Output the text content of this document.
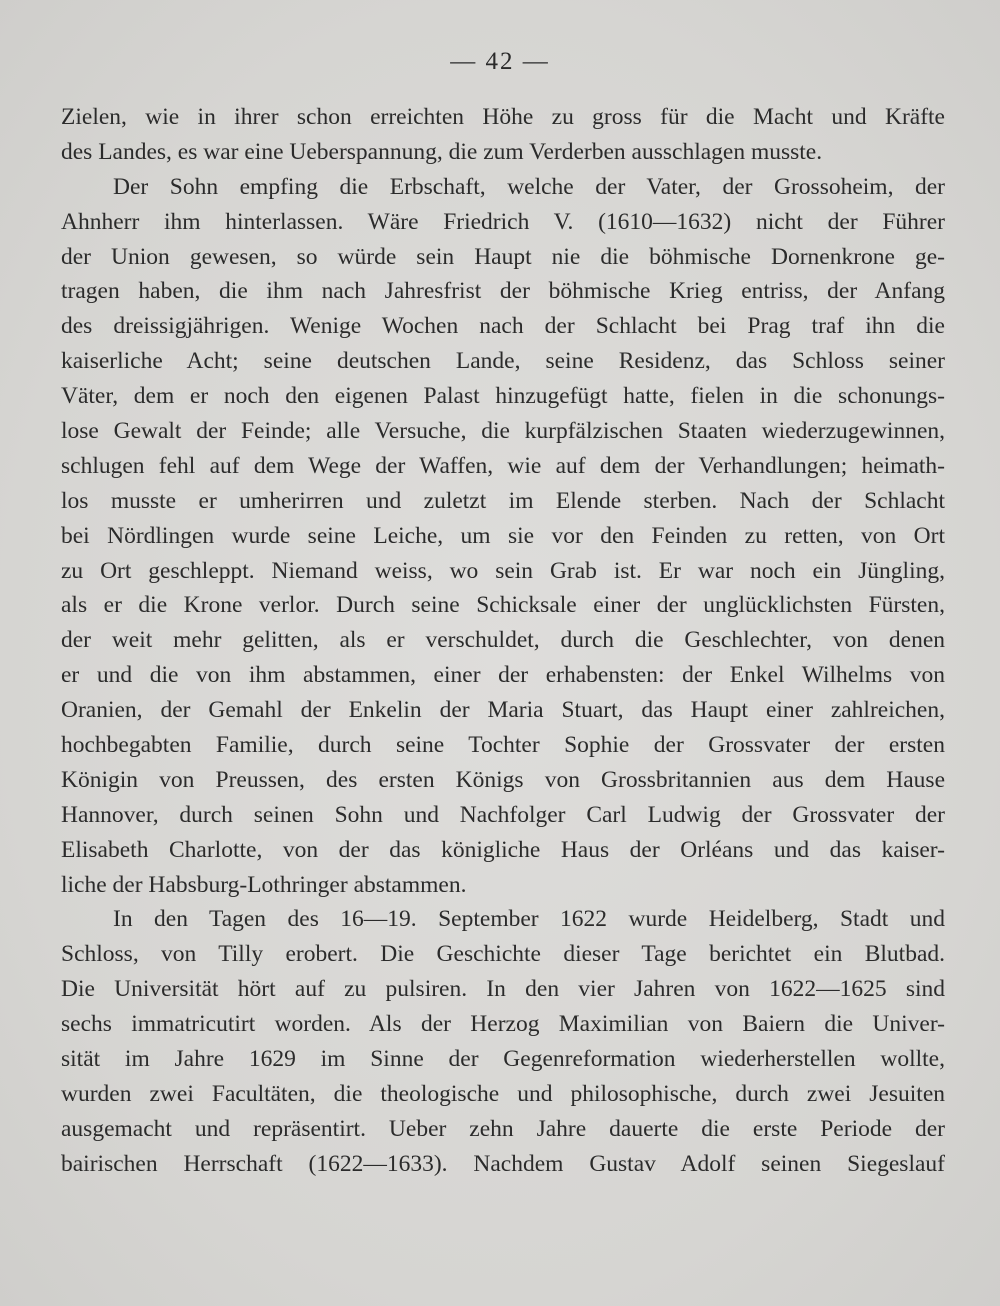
— 42 —
Zielen, wie in ihrer schon erreichten Höhe zu gross für die Macht und Kräfte
des Landes, es war eine Ueberspannung, die zum Verderben ausschlagen musste.
Der Sohn empfing die Erbschaft, welche der Vater, der Grossoheim, der
Ahnherr ihm hinterlassen. Wäre Friedrich V. (1610—1632) nicht der Führer
der Union gewesen, so würde sein Haupt nie die böhmische Dornenkrone ge-
tragen haben, die ihm nach Jahresfrist der böhmische Krieg entriss, der Anfang
des dreissigjährigen. Wenige Wochen nach der Schlacht bei Prag traf ihn die
kaiserliche Acht; seine deutschen Lande, seine Residenz, das Schloss seiner
Väter, dem er noch den eigenen Palast hinzugefügt hatte, fielen in die schonungs-
lose Gewalt der Feinde; alle Versuche, die kurpfälzischen Staaten wiederzugewinnen,
schlugen fehl auf dem Wege der Waffen, wie auf dem der Verhandlungen; heimath-
los musste er umherirren und zuletzt im Elende sterben. Nach der Schlacht
bei Nördlingen wurde seine Leiche, um sie vor den Feinden zu retten, von Ort
zu Ort geschleppt. Niemand weiss, wo sein Grab ist. Er war noch ein Jüngling,
als er die Krone verlor. Durch seine Schicksale einer der unglücklichsten Fürsten,
der weit mehr gelitten, als er verschuldet, durch die Geschlechter, von denen
er und die von ihm abstammen, einer der erhabensten: der Enkel Wilhelms von
Oranien, der Gemahl der Enkelin der Maria Stuart, das Haupt einer zahlreichen,
hochbegabten Familie, durch seine Tochter Sophie der Grossvater der ersten
Königin von Preussen, des ersten Königs von Grossbritannien aus dem Hause
Hannover, durch seinen Sohn und Nachfolger Carl Ludwig der Grossvater der
Elisabeth Charlotte, von der das königliche Haus der Orléans und das kaiser-
liche der Habsburg-Lothringer abstammen.
In den Tagen des 16—19. September 1622 wurde Heidelberg, Stadt und
Schloss, von Tilly erobert. Die Geschichte dieser Tage berichtet ein Blutbad.
Die Universität hört auf zu pulsiren. In den vier Jahren von 1622—1625 sind
sechs immatricutirt worden. Als der Herzog Maximilian von Baiern die Univer-
sität im Jahre 1629 im Sinne der Gegenreformation wiederherstellen wollte,
wurden zwei Facultäten, die theologische und philosophische, durch zwei Jesuiten
ausgemacht und repräsentirt. Ueber zehn Jahre dauerte die erste Periode der
bairischen Herrschaft (1622—1633). Nachdem Gustav Adolf seinen Siegeslauf
